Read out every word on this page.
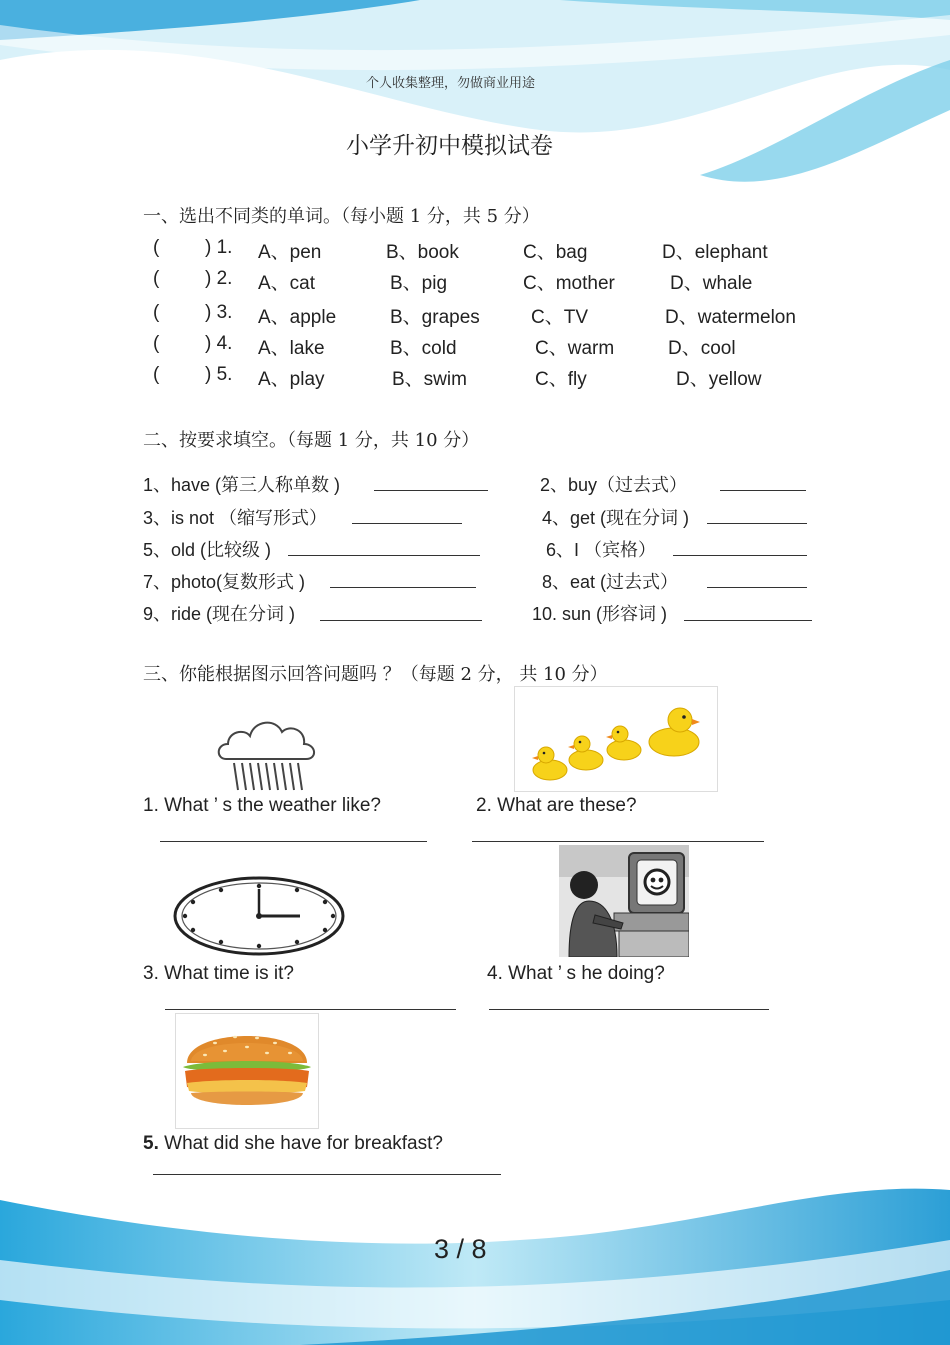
个人收集整理，勿做商业用途
小学升初中模拟试卷
一、选出不同类的单词。（每小题 1 分，共 5 分）
( ) 1. A、pen	B、book	C、bag	D、elephant
( ) 2. A、cat	B、pig	C、mother	D、whale
( ) 3. A、apple	B、grapes	C、TV	D、watermelon
( ) 4. A、lake	B、cold	C、warm	D、cool
( ) 5. A、play	B、swim	C、fly	D、yellow
二、按要求填空。（每题 1 分，共 10 分）
1、have (第三人称单数 )	2、buy（过去式）
3、is not （缩写形式）	4、get (现在分词 )
5、old (比较级 )	6、I （宾格）
7、photo(复数形式 )	8、eat (过去式）
9、ride (现在分词 )	10. sun (形容词 )
三、你能根据图示回答问题吗 ？（每题 2 分， 共 10 分）
1. What ’ s the weather like?	2. What are these?
3. What time is it?	4. What ’ s he doing?
5. What did she have for breakfast?
3 / 8
